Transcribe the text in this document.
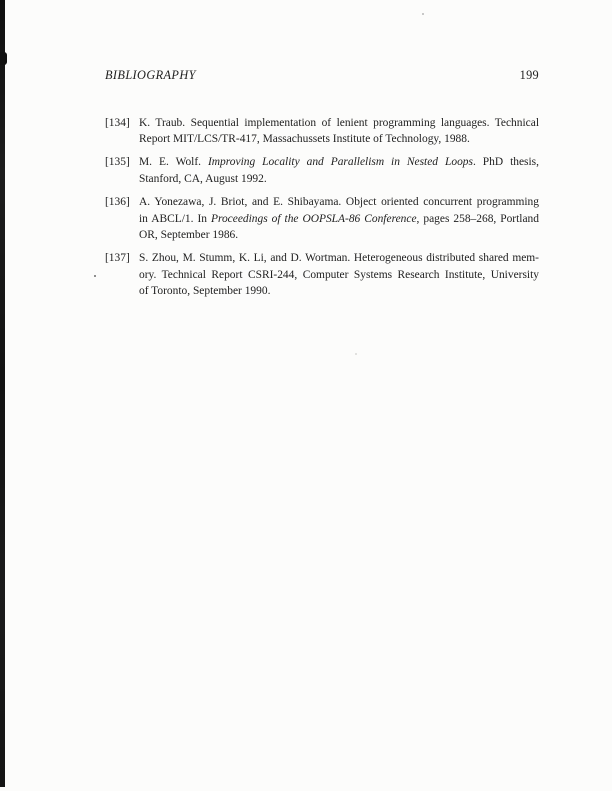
BIBLIOGRAPHY	199
[134] K. Traub. Sequential implementation of lenient programming languages. Technical
Report MIT/LCS/TR-417, Massachussets Institute of Technology, 1988.
[135] M. E. Wolf. Improving Locality and Parallelism in Nested Loops. PhD thesis,
Stanford, CA, August 1992.
[136] A. Yonezawa, J. Briot, and E. Shibayama. Object oriented concurrent programming
in ABCL/1. In Proceedings of the OOPSLA-86 Conference, pages 258–268, Portland
OR, September 1986.
[137] S. Zhou, M. Stumm, K. Li, and D. Wortman. Heterogeneous distributed shared mem-
ory. Technical Report CSRI-244, Computer Systems Research Institute, University
of Toronto, September 1990.
